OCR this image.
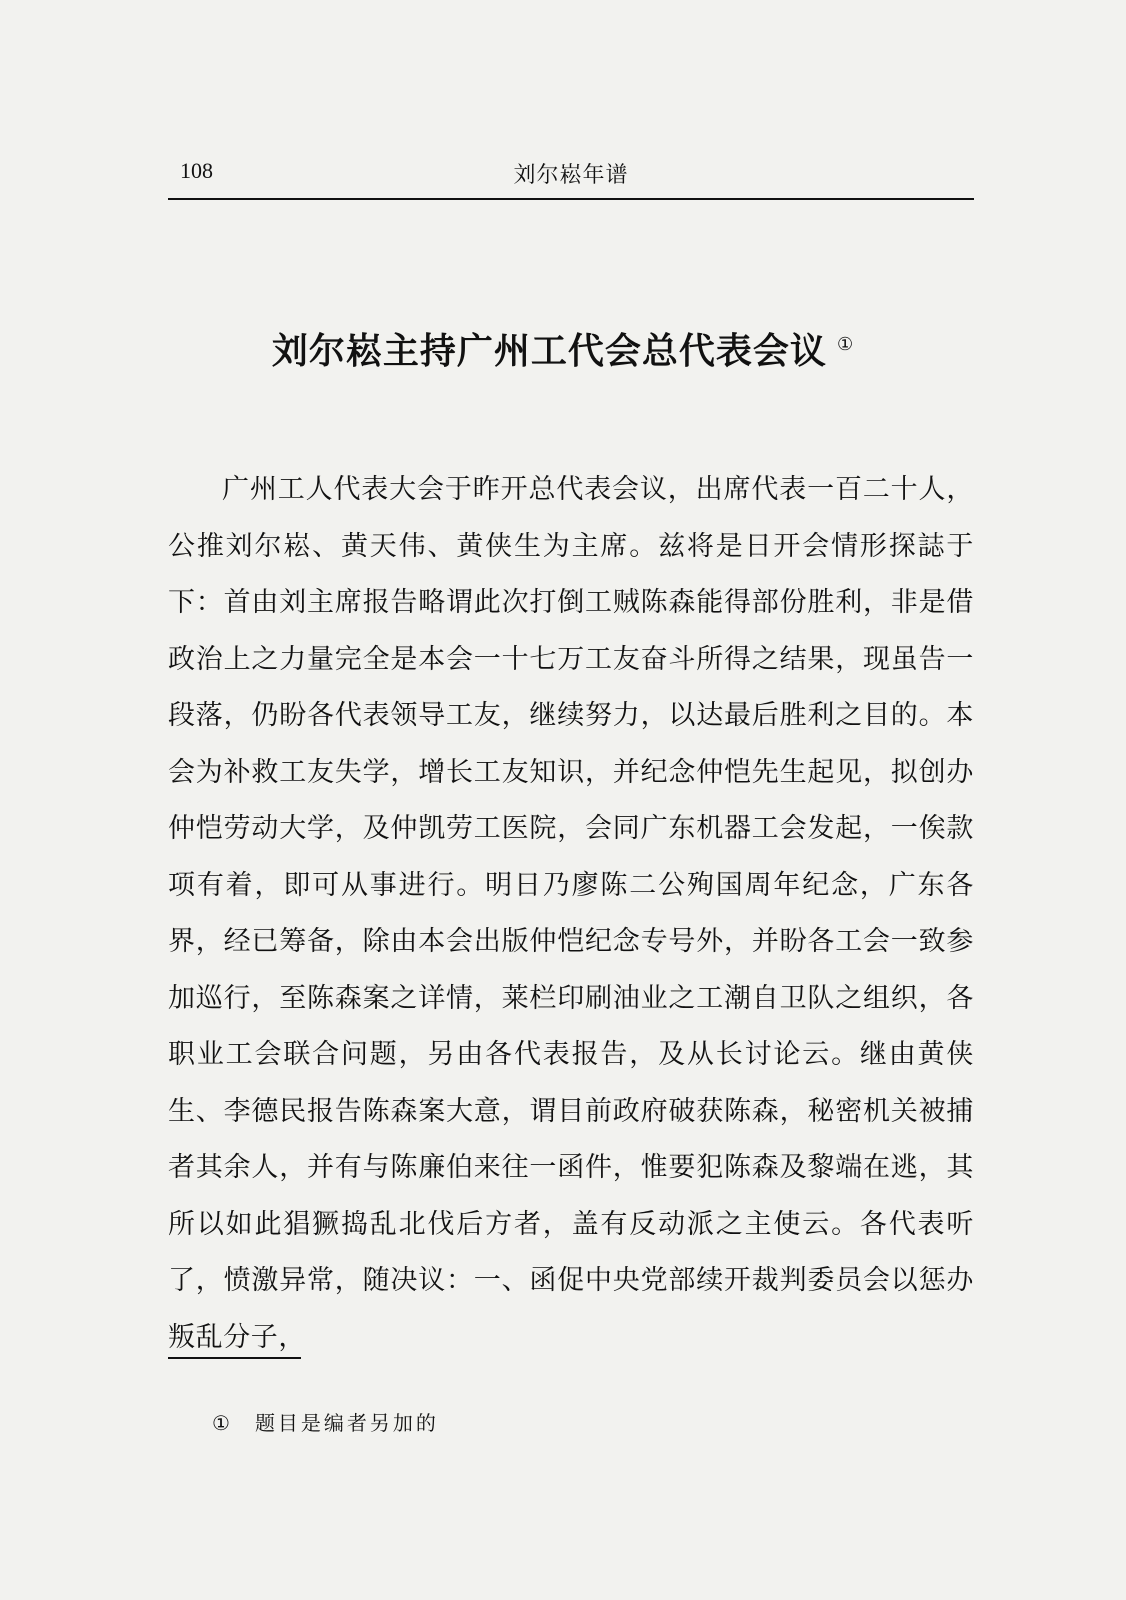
108	刘尔崧年谱
刘尔崧主持广州工代会总代表会议 ①

广州工人代表大会于昨开总代表会议，出席代表一百二十人，公推刘尔崧、黄天伟、黄侠生为主席。兹将是日开会情形探誌于下：首由刘主席报告略谓此次打倒工贼陈森能得部份胜利，非是借政治上之力量完全是本会一十七万工友奋斗所得之结果，现虽告一段落，仍盼各代表领导工友，继续努力，以达最后胜利之目的。本会为补救工友失学，增长工友知识，并纪念仲恺先生起见，拟创办仲恺劳动大学，及仲凯劳工医院，会同广东机器工会发起，一俟款项有着，即可从事进行。明日乃廖陈二公殉国周年纪念，广东各界，经已筹备，除由本会出版仲恺纪念专号外，并盼各工会一致参加巡行，至陈森案之详情，莱栏印刷油业之工潮自卫队之组织，各职业工会联合问题，另由各代表报告，及从长讨论云。继由黄侠生、李德民报告陈森案大意，谓目前政府破获陈森，秘密机关被捕者其余人，并有与陈廉伯来往一函件，惟要犯陈森及黎端在逃，其所以如此猖獗捣乱北伐后方者，盖有反动派之主使云。各代表听了，愤激异常，随决议：一、函促中央党部续开裁判委员会以惩办叛乱分子，

① 题目是编者另加的
